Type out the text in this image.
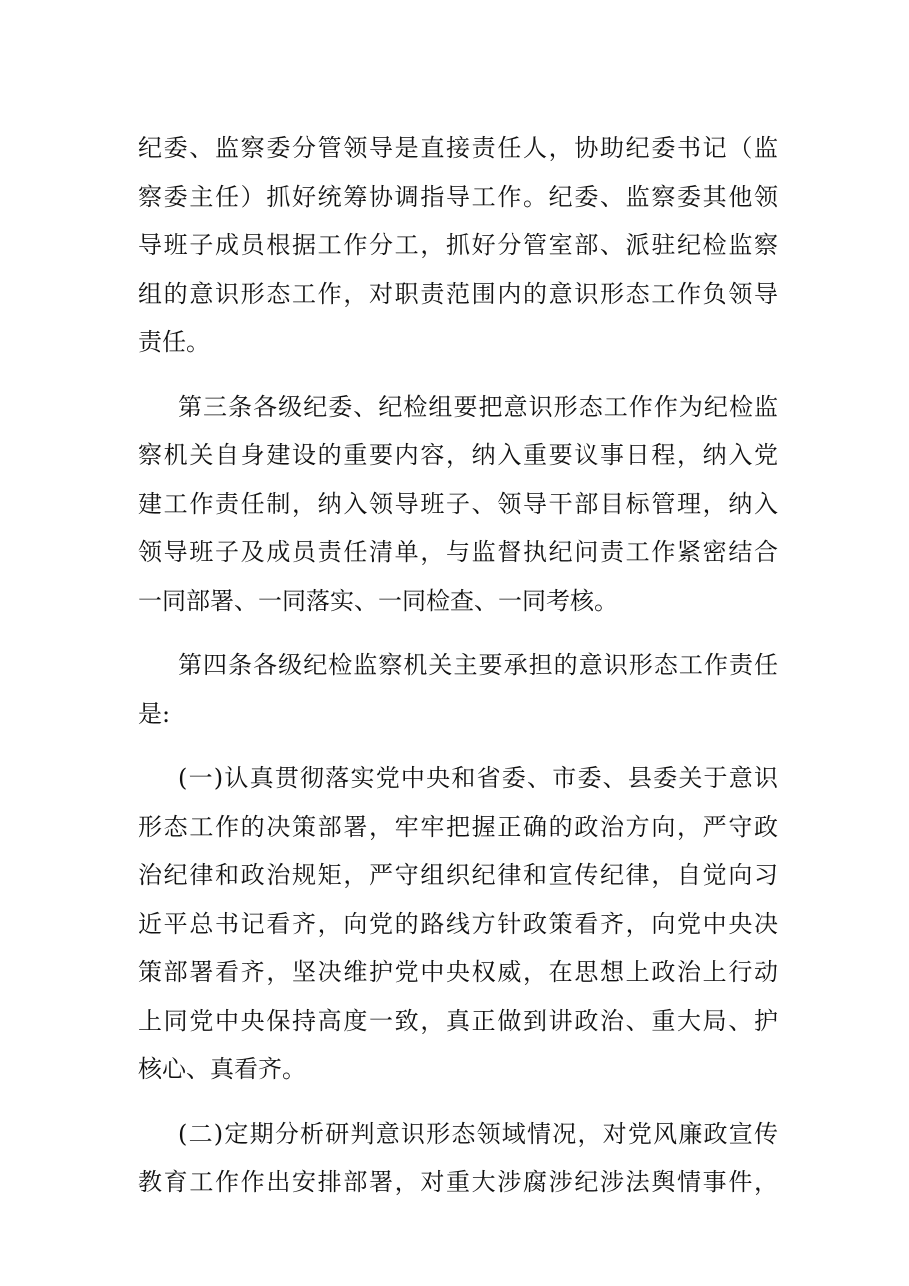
纪委、监察委分管领导是直接责任人，协助纪委书记（监
察委主任）抓好统筹协调指导工作。纪委、监察委其他领
导班子成员根据工作分工，抓好分管室部、派驻纪检监察
组的意识形态工作，对职责范围内的意识形态工作负领导
责任。
第三条各级纪委、纪检组要把意识形态工作作为纪检监
察机关自身建设的重要内容，纳入重要议事日程，纳入党
建工作责任制，纳入领导班子、领导干部目标管理，纳入
领导班子及成员责任清单，与监督执纪问责工作紧密结合
一同部署、一同落实、一同检查、一同考核。
第四条各级纪检监察机关主要承担的意识形态工作责任
是:
(一)认真贯彻落实党中央和省委、市委、县委关于意识
形态工作的决策部署，牢牢把握正确的政治方向，严守政
治纪律和政治规矩，严守组织纪律和宣传纪律，自觉向习
近平总书记看齐，向党的路线方针政策看齐，向党中央决
策部署看齐，坚决维护党中央权威，在思想上政治上行动
上同党中央保持高度一致，真正做到讲政治、重大局、护
核心、真看齐。
(二)定期分析研判意识形态领域情况，对党风廉政宣传
教育工作作出安排部署，对重大涉腐涉纪涉法舆情事件，
